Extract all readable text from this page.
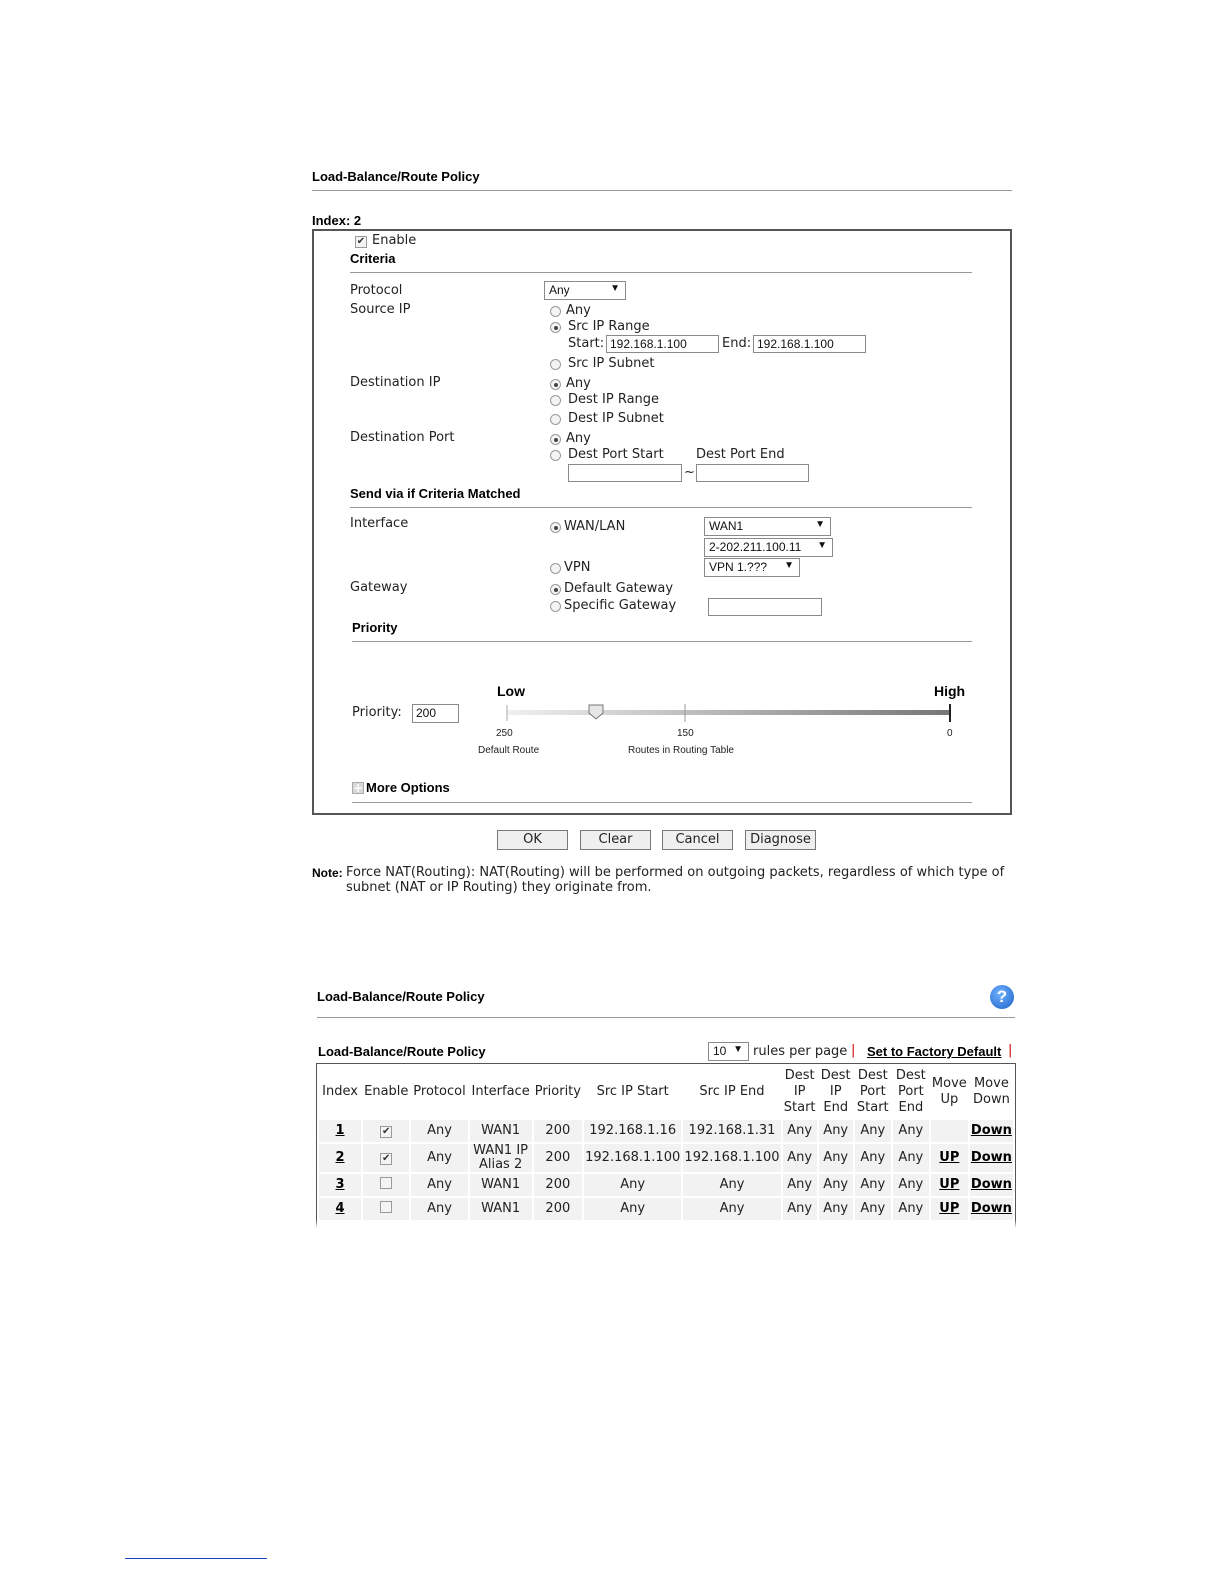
Load-Balance/Route Policy
Index: 2
✔ Enable
Criteria
Protocol	Any	▼
Source IP	Any
Src IP Range
Start: 192.168.1.100	End: 192.168.1.100
Src IP Subnet
Destination IP	Any
Dest IP Range
Dest IP Subnet
Destination Port	Any
Dest Port Start Dest Port End
~
Send via if Criteria Matched
Interface	WAN/LAN	WAN1	▼
2-202.211.100.11 ▼
VPN	VPN 1.??? ▼
Gateway	Default Gateway
Specific Gateway
Priority
Priority:	200
Low	High
250	150	0
Default Route	Routes in Routing Table
+ More Options
OK	Clear	Cancel	Diagnose
Note: Force NAT(Routing): NAT(Routing) will be performed on outgoing packets, regardless of which type of
subnet (NAT or IP Routing) they originate from.
Load-Balance/Route Policy	?
Load-Balance/Route Policy	10 ▼ rules per page | Set to Factory Default |
Index	Enable	Protocol	Interface	Priority	Src IP Start	Src IP End	Dest IP Start	Dest IP End	Dest Port Start	Dest Port End	Move Up	Move Down
1	✔	Any	WAN1	200	192.168.1.16	192.168.1.31	Any	Any	Any	Any		Down
2	✔	Any	WAN1 IP Alias 2	200	192.168.1.100	192.168.1.100	Any	Any	Any	Any	UP	Down
3		Any	WAN1	200	Any	Any	Any	Any	Any	Any	UP	Down
4		Any	WAN1	200	Any	Any	Any	Any	Any	Any	UP	Down
